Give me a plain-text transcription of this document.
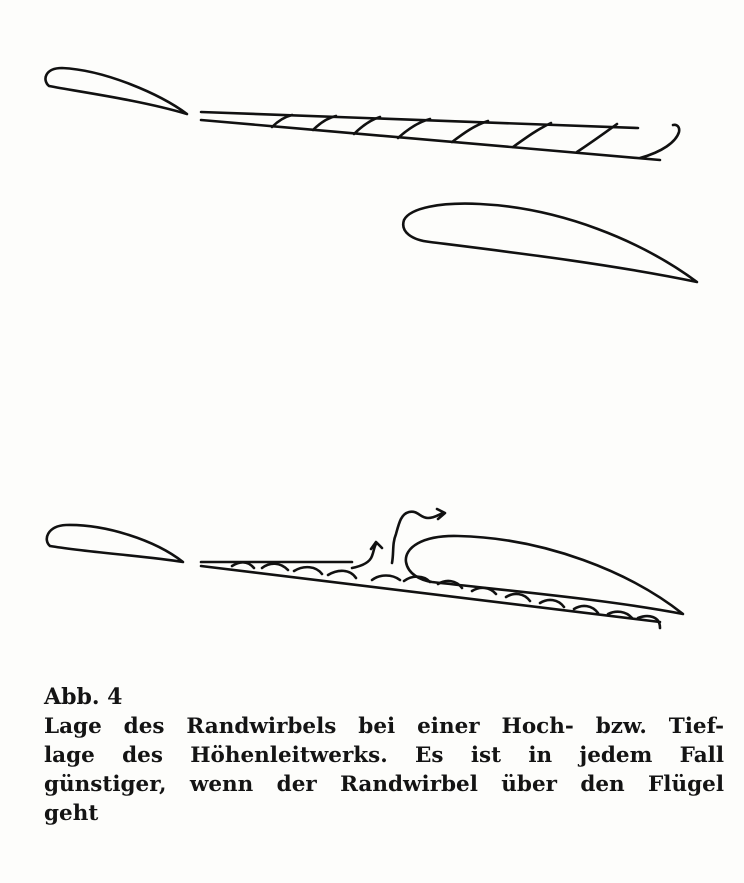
Abb. 4
Lage des Randwirbels bei einer Hoch- bzw. Tief-
lage des Höhenleitwerks. Es ist in jedem Fall
günstiger, wenn der Randwirbel über den Flügel
geht
